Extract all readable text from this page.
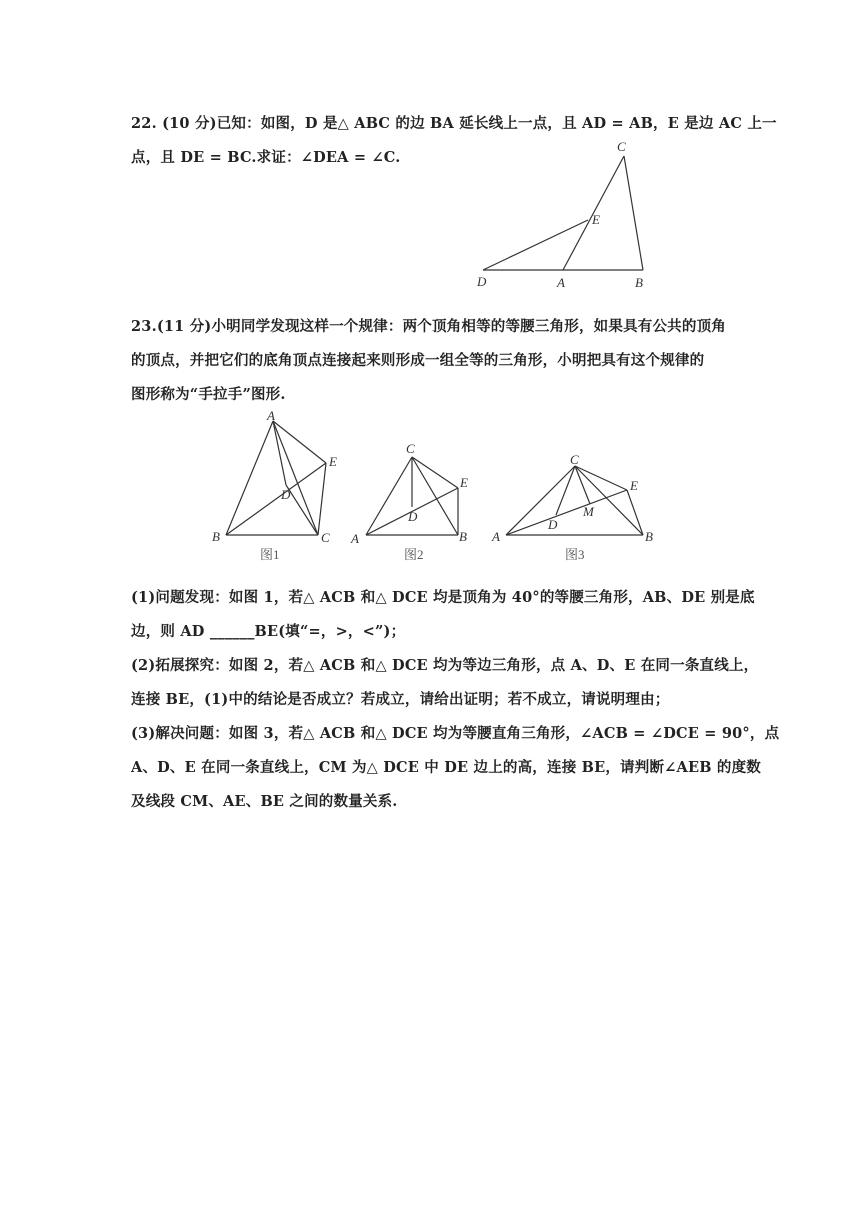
22. (10 分)已知：如图，D 是△ ABC 的边 BA 延长线上一点，且 AD = AB，E 是边 AC 上一
点，且 DE = BC.求证：∠DEA = ∠C.
C
E
D	A	B
A
E
D
B	C
图1
C
E
D
A	B
图2
C
E
M
D
A	B
图3
23.(11 分)小明同学发现这样一个规律：两个顶角相等的等腰三角形，如果具有公共的顶角
的顶点，并把它们的底角顶点连接起来则形成一组全等的三角形，小明把具有这个规律的
图形称为“手拉手”图形.
(1)问题发现：如图 1，若△ ACB 和△ DCE 均是顶角为 40°的等腰三角形，AB、DE 别是底
边，则 AD ______BE(填“=，>，<”)；
(2)拓展探究：如图 2，若△ ACB 和△ DCE 均为等边三角形，点 A、D、E 在同一条直线上，
连接 BE，(1)中的结论是否成立？若成立，请给出证明；若不成立，请说明理由；
(3)解决问题：如图 3，若△ ACB 和△ DCE 均为等腰直角三角形，∠ACB = ∠DCE = 90°，点
A、D、E 在同一条直线上，CM 为△ DCE 中 DE 边上的高，连接 BE，请判断∠AEB 的度数
及线段 CM、AE、BE 之间的数量关系.
